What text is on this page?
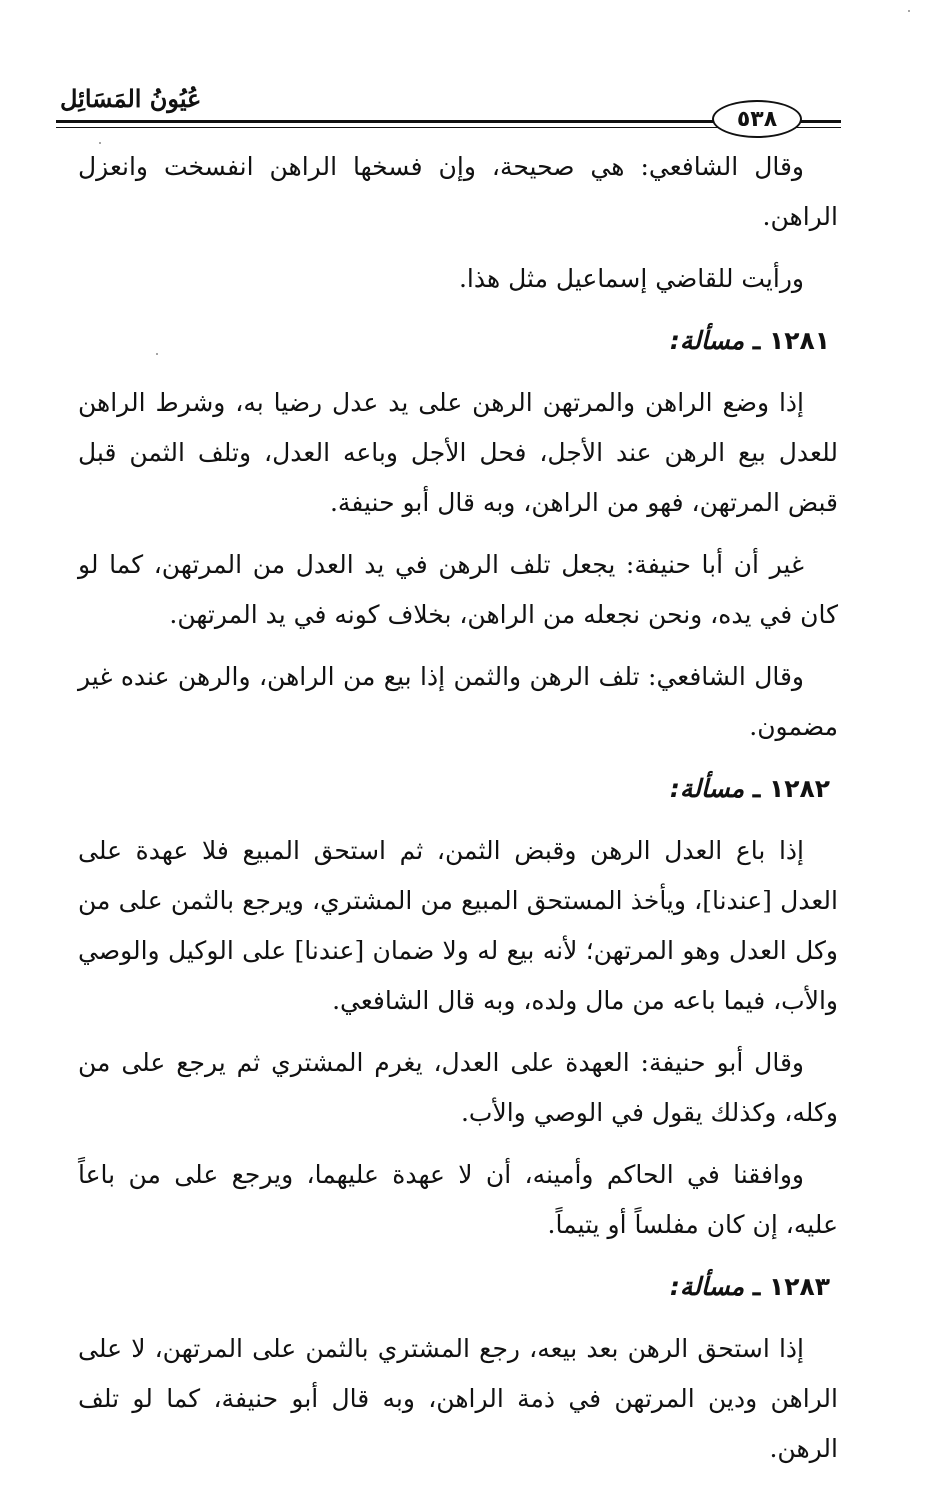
عُيُونُ المَسَائِل
٥٣٨

وقال الشافعي: هي صحيحة، وإن فسخها الراهن انفسخت وانعزل الراهن.

ورأيت للقاضي إسماعيل مثل هذا.

١٢٨١ ـ مسألة:

إذا وضع الراهن والمرتهن الرهن على يد عدل رضيا به، وشرط الراهن للعدل بيع الرهن عند الأجل، فحل الأجل وباعه العدل، وتلف الثمن قبل قبض المرتهن، فهو من الراهن، وبه قال أبو حنيفة.

غير أن أبا حنيفة: يجعل تلف الرهن في يد العدل من المرتهن، كما لو كان في يده، ونحن نجعله من الراهن، بخلاف كونه في يد المرتهن.

وقال الشافعي: تلف الرهن والثمن إذا بيع من الراهن، والرهن عنده غير مضمون.

١٢٨٢ ـ مسألة:

إذا باع العدل الرهن وقبض الثمن، ثم استحق المبيع فلا عهدة على العدل [عندنا]، ويأخذ المستحق المبيع من المشتري، ويرجع بالثمن على من وكل العدل وهو المرتهن؛ لأنه بيع له ولا ضمان [عندنا] على الوكيل والوصي والأب، فيما باعه من مال ولده، وبه قال الشافعي.

وقال أبو حنيفة: العهدة على العدل، يغرم المشتري ثم يرجع على من وكله، وكذلك يقول في الوصي والأب.

ووافقنا في الحاكم وأمينه، أن لا عهدة عليهما، ويرجع على من باعاً عليه، إن كان مفلساً أو يتيماً.

١٢٨٣ ـ مسألة:

إذا استحق الرهن بعد بيعه، رجع المشتري بالثمن على المرتهن، لا على الراهن ودين المرتهن في ذمة الراهن، وبه قال أبو حنيفة، كما لو تلف الرهن.
